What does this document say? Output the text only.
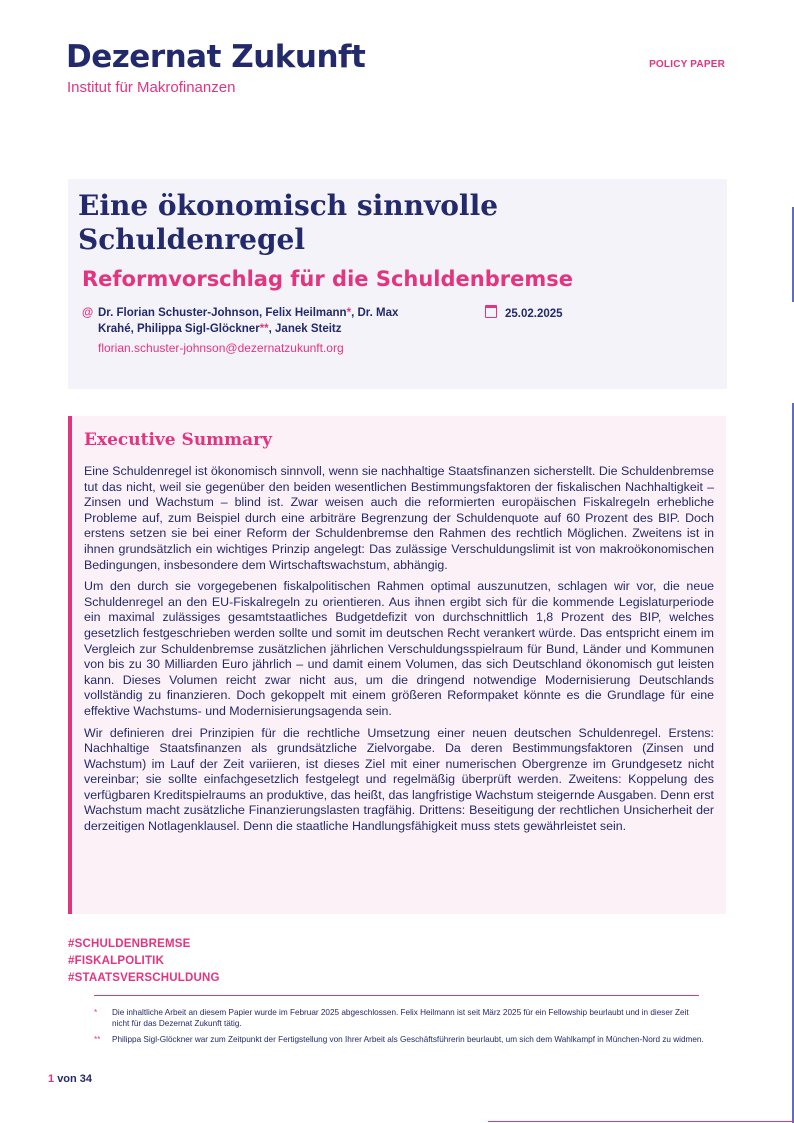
Dezernat Zukunft
Institut für Makrofinanzen
POLICY PAPER
Eine ökonomisch sinnvolle
Schuldenregel
Reformvorschlag für die Schuldenbremse
@ Dr. Florian Schuster-Johnson, Felix Heilmann*, Dr. Max
Krahé, Philippa Sigl-Glöckner**, Janek Steitz
florian.schuster-johnson@dezernatzukunft.org
25.02.2025
Executive Summary

Eine Schuldenregel ist ökonomisch sinnvoll, wenn sie nachhaltige Staatsfinanzen sicherstellt. Die Schuldenbremse tut das nicht, weil sie gegenüber den beiden wesentlichen Bestimmungsfaktoren der fiskalischen Nachhaltigkeit – Zinsen und Wachstum – blind ist. Zwar weisen auch die reformierten europäischen Fiskalregeln erhebliche Probleme auf, zum Beispiel durch eine arbiträre Begrenzung der Schuldenquote auf 60 Prozent des BIP. Doch erstens setzen sie bei einer Reform der Schuldenbremse den Rahmen des rechtlich Möglichen. Zweitens ist in ihnen grundsätzlich ein wichtiges Prinzip angelegt: Das zulässige Verschuldungslimit ist von makroökonomischen Bedingungen, insbesondere dem Wirtschaftswachstum, abhängig.

Um den durch sie vorgegebenen fiskalpolitischen Rahmen optimal auszunutzen, schlagen wir vor, die neue Schuldenregel an den EU-Fiskalregeln zu orientieren. Aus ihnen ergibt sich für die kommende Legislaturperiode ein maximal zulässiges gesamtstaatliches Budgetdefizit von durchschnittlich 1,8 Prozent des BIP, welches gesetzlich festgeschrieben werden sollte und somit im deutschen Recht verankert würde. Das entspricht einem im Vergleich zur Schuldenbremse zusätzlichen jährlichen Verschuldungsspielraum für Bund, Länder und Kommunen von bis zu 30 Milliarden Euro jährlich – und damit einem Volumen, das sich Deutschland ökonomisch gut leisten kann. Dieses Volumen reicht zwar nicht aus, um die dringend notwendige Modernisierung Deutschlands vollständig zu finanzieren. Doch gekoppelt mit einem größeren Reformpaket könnte es die Grundlage für eine effektive Wachstums- und Modernisierungsagenda sein.

Wir definieren drei Prinzipien für die rechtliche Umsetzung einer neuen deutschen Schuldenregel. Erstens: Nachhaltige Staatsfinanzen als grundsätzliche Zielvorgabe. Da deren Bestimmungsfaktoren (Zinsen und Wachstum) im Lauf der Zeit variieren, ist dieses Ziel mit einer numerischen Obergrenze im Grundgesetz nicht vereinbar; sie sollte einfachgesetzlich festgelegt und regelmäßig überprüft werden. Zweitens: Koppelung des verfügbaren Kreditspielraums an produktive, das heißt, das langfristige Wachstum steigernde Ausgaben. Denn erst Wachstum macht zusätzliche Finanzierungslasten tragfähig. Drittens: Beseitigung der rechtlichen Unsicherheit der derzeitigen Notlagenklausel. Denn die staatliche Handlungsfähigkeit muss stets gewährleistet sein.

#SCHULDENBREMSE
#FISKALPOLITIK
#STAATSVERSCHULDUNG
* Die inhaltliche Arbeit an diesem Papier wurde im Februar 2025 abgeschlossen. Felix Heilmann ist seit März 2025 für ein Fellowship beurlaubt und in dieser Zeit nicht für das Dezernat Zukunft tätig.
** Philippa Sigl-Glöckner war zum Zeitpunkt der Fertigstellung von Ihrer Arbeit als Geschäftsführerin beurlaubt, um sich dem Wahlkampf in München-Nord zu widmen.
1 von 34
